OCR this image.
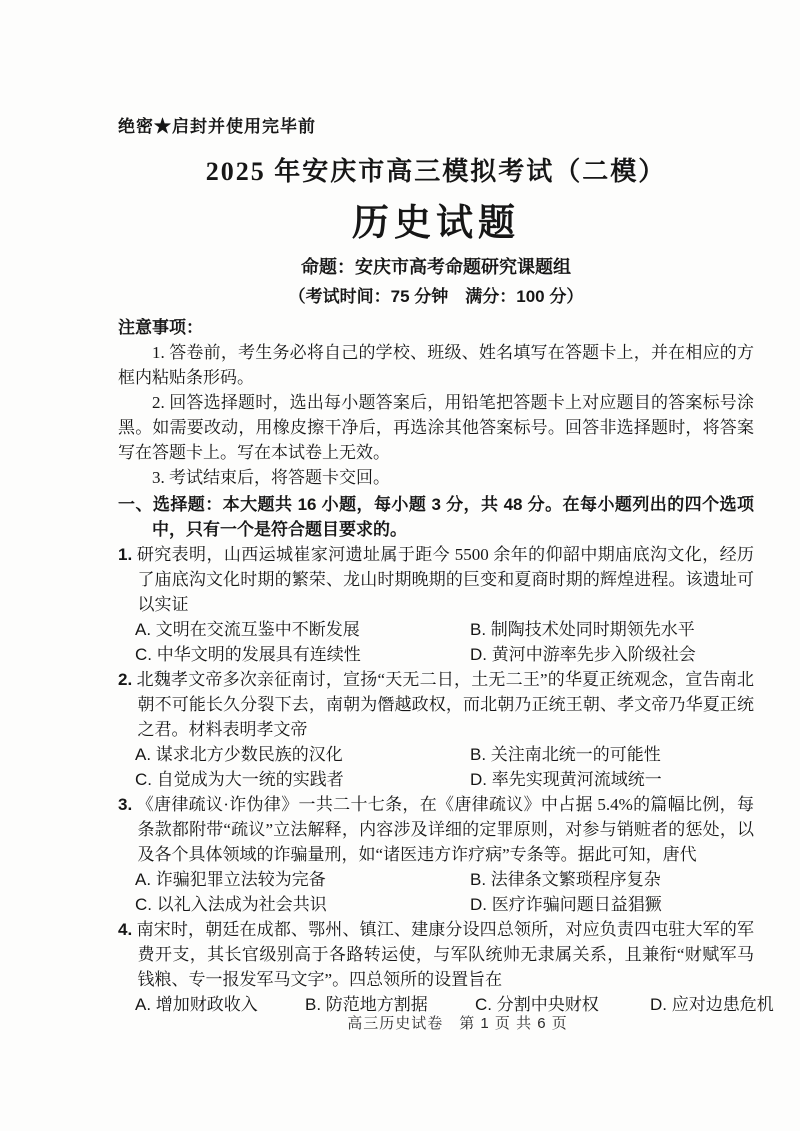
绝密★启封并使用完毕前
2025 年安庆市高三模拟考试（二模）
历史试题
命题：安庆市高考命题研究课题组
（考试时间：75 分钟　满分：100 分）
注意事项：
1. 答卷前，考生务必将自己的学校、班级、姓名填写在答题卡上，并在相应的方框内粘贴条形码。
2. 回答选择题时，选出每小题答案后，用铅笔把答题卡上对应题目的答案标号涂黑。如需要改动，用橡皮擦干净后，再选涂其他答案标号。回答非选择题时，将答案写在答题卡上。写在本试卷上无效。
3. 考试结束后，将答题卡交回。
一、选择题：本大题共 16 小题，每小题 3 分，共 48 分。在每小题列出的四个选项中，只有一个是符合题目要求的。
1. 研究表明，山西运城崔家河遗址属于距今 5500 余年的仰韶中期庙底沟文化，经历了庙底沟文化时期的繁荣、龙山时期晚期的巨变和夏商时期的辉煌进程。该遗址可以实证
A. 文明在交流互鉴中不断发展	B. 制陶技术处同时期领先水平
C. 中华文明的发展具有连续性	D. 黄河中游率先步入阶级社会
2. 北魏孝文帝多次亲征南讨，宣扬“天无二日，土无二王”的华夏正统观念，宣告南北朝不可能长久分裂下去，南朝为僭越政权，而北朝乃正统王朝、孝文帝乃华夏正统之君。材料表明孝文帝
A. 谋求北方少数民族的汉化	B. 关注南北统一的可能性
C. 自觉成为大一统的实践者	D. 率先实现黄河流域统一
3. 《唐律疏议·诈伪律》一共二十七条，在《唐律疏议》中占据 5.4%的篇幅比例，每条款都附带“疏议”立法解释，内容涉及详细的定罪原则，对参与销赃者的惩处，以及各个具体领域的诈骗量刑，如“诸医违方诈疗病”专条等。据此可知，唐代
A. 诈骗犯罪立法较为完备	B. 法律条文繁琐程序复杂
C. 以礼入法成为社会共识	D. 医疗诈骗问题日益猖獗
4. 南宋时，朝廷在成都、鄂州、镇江、建康分设四总领所，对应负责四屯驻大军的军费开支，其长官级别高于各路转运使，与军队统帅无隶属关系，且兼衔“财赋军马钱粮、专一报发军马文字”。四总领所的设置旨在
A. 增加财政收入	B. 防范地方割据	C. 分割中央财权	D. 应对边患危机
高三历史试卷　第 1 页 共 6 页
